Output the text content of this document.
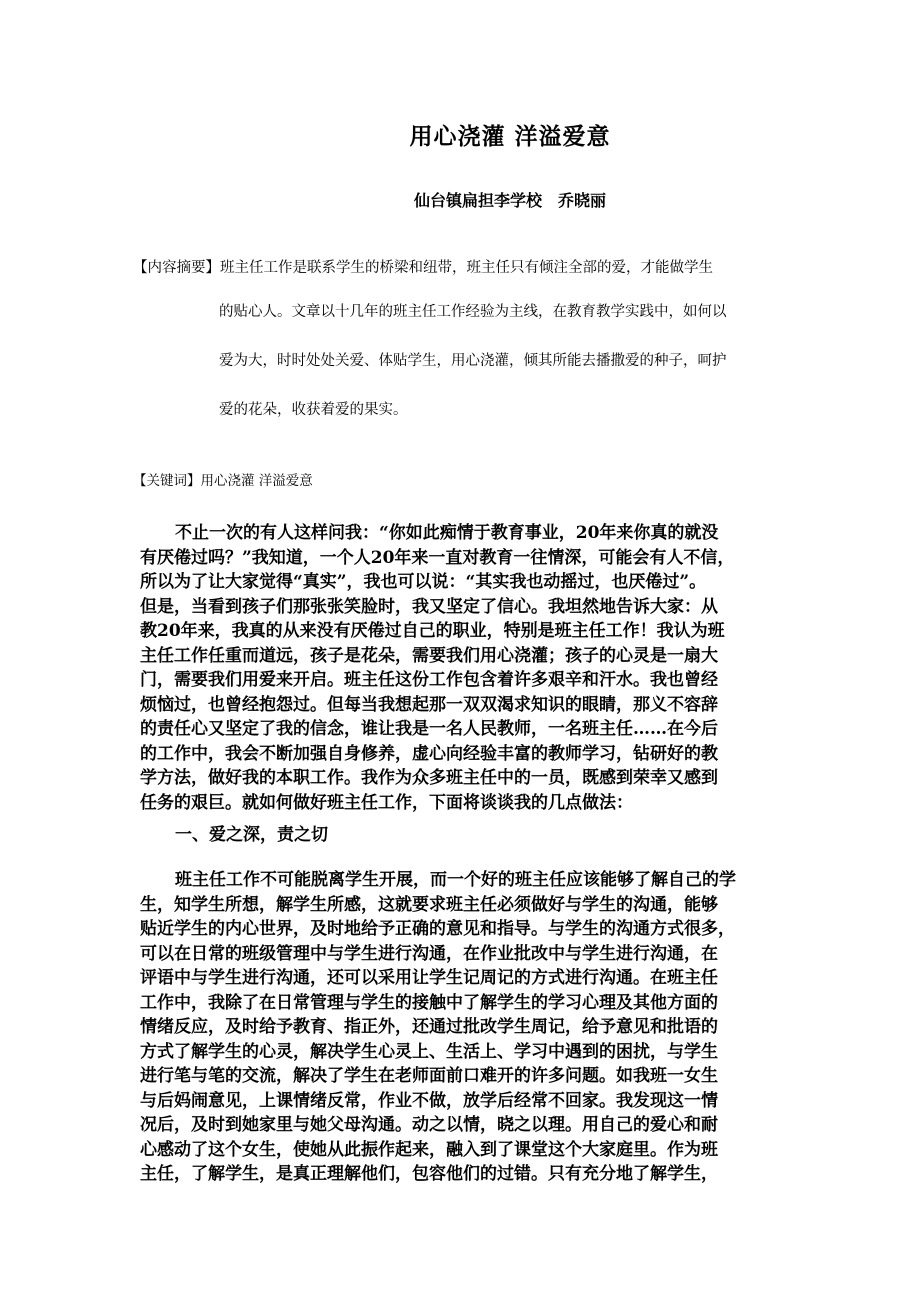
用心浇灌 洋溢爱意
仙台镇扁担李学校　乔晓丽
【内容摘要】班主任工作是联系学生的桥梁和纽带，班主任只有倾注全部的爱，才能做学生
的贴心人。文章以十几年的班主任工作经验为主线，在教育教学实践中，如何以
爱为大，时时处处关爱、体贴学生，用心浇灌，倾其所能去播撒爱的种子，呵护
爱的花朵，收获着爱的果实。
【关键词】用心浇灌 洋溢爱意
不止一次的有人这样问我：“你如此痴情于教育事业，20年来你真的就没
有厌倦过吗？”我知道，一个人20年来一直对教育一往情深，可能会有人不信，
所以为了让大家觉得“真实”，我也可以说：“其实我也动摇过，也厌倦过”。
但是，当看到孩子们那张张笑脸时，我又坚定了信心。我坦然地告诉大家：从
教20年来，我真的从来没有厌倦过自己的职业，特别是班主任工作！我认为班
主任工作任重而道远，孩子是花朵，需要我们用心浇灌；孩子的心灵是一扇大
门，需要我们用爱来开启。班主任这份工作包含着许多艰辛和汗水。我也曾经
烦恼过，也曾经抱怨过。但每当我想起那一双双渴求知识的眼睛，那义不容辞
的责任心又坚定了我的信念，谁让我是一名人民教师，一名班主任……在今后
的工作中，我会不断加强自身修养，虚心向经验丰富的教师学习，钻研好的教
学方法，做好我的本职工作。我作为众多班主任中的一员，既感到荣幸又感到
任务的艰巨。就如何做好班主任工作，下面将谈谈我的几点做法：
一、爱之深，责之切
班主任工作不可能脱离学生开展，而一个好的班主任应该能够了解自己的学
生，知学生所想，解学生所感，这就要求班主任必须做好与学生的沟通，能够
贴近学生的内心世界，及时地给予正确的意见和指导。与学生的沟通方式很多，
可以在日常的班级管理中与学生进行沟通，在作业批改中与学生进行沟通，在
评语中与学生进行沟通，还可以采用让学生记周记的方式进行沟通。在班主任
工作中，我除了在日常管理与学生的接触中了解学生的学习心理及其他方面的
情绪反应，及时给予教育、指正外，还通过批改学生周记，给予意见和批语的
方式了解学生的心灵，解决学生心灵上、生活上、学习中遇到的困扰，与学生
进行笔与笔的交流，解决了学生在老师面前口难开的许多问题。如我班一女生
与后妈闹意见，上课情绪反常，作业不做，放学后经常不回家。我发现这一情
况后，及时到她家里与她父母沟通。动之以情，晓之以理。用自己的爱心和耐
心感动了这个女生，使她从此振作起来，融入到了课堂这个大家庭里。作为班
主任，了解学生，是真正理解他们，包容他们的过错。只有充分地了解学生，
